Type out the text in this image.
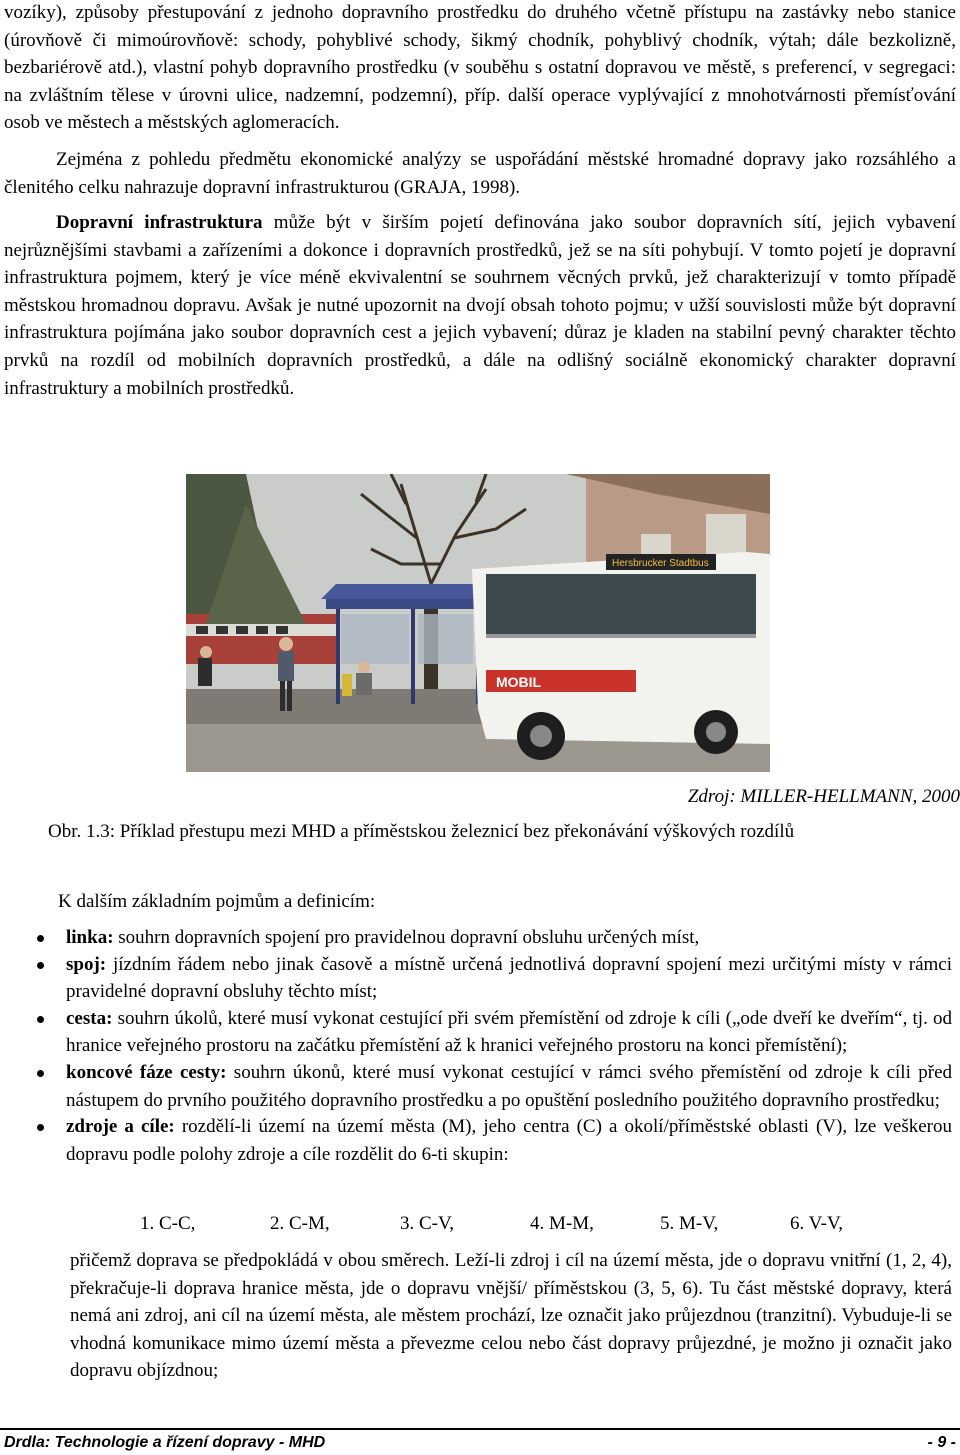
vozíky), způsoby přestupování z jednoho dopravního prostředku do druhého včetně přístupu na zastávky nebo stanice (úrovňově či mimoúrovňově: schody, pohyblivé schody, šikmý chodník, pohyblivý chodník, výtah; dále bezkolizně, bezbariérově atd.), vlastní pohyb dopravního prostředku (v souběhu s ostatní dopravou ve městě, s preferencí, v segregaci: na zvláštním tělese v úrovni ulice, nadzemní, podzemní), příp. další operace vyplývající z mnohotvárnosti přemísťování osob ve městech a městských aglomeracích.

Zejména z pohledu předmětu ekonomické analýzy se uspořádání městské hromadné dopravy jako rozsáhlého a členitého celku nahrazuje dopravní infrastrukturou (GRAJA, 1998).

Dopravní infrastruktura může být v širším pojetí definována jako soubor dopravních sítí, jejich vybavení nejrůznějšími stavbami a zařízeními a dokonce i dopravních prostředků, jež se na síti pohybují. V tomto pojetí je dopravní infrastruktura pojmem, který je více méně ekvivalentní se souhrnem věcných prvků, jež charakterizují v tomto případě městskou hromadnou dopravu. Avšak je nutné upozornit na dvojí obsah tohoto pojmu; v užší souvislosti může být dopravní infrastruktura pojímána jako soubor dopravních cest a jejich vybavení; důraz je kladen na stabilní pevný charakter těchto prvků na rozdíl od mobilních dopravních prostředků, a dále na odlišný sociálně ekonomický charakter dopravní infrastruktury a mobilních prostředků.

MOBIL
Hersbrucker Stadtbus
Zdroj: MILLER-HELLMANN, 2000
Obr. 1.3: Příklad přestupu mezi MHD a příměstskou železnicí bez překonávání výškových rozdílů
K dalším základním pojmům a definicím:
linka: souhrn dopravních spojení pro pravidelnou dopravní obsluhu určených míst,
spoj: jízdním řádem nebo jinak časově a místně určená jednotlivá dopravní spojení mezi určitými místy v rámci pravidelné dopravní obsluhy těchto míst;
cesta: souhrn úkolů, které musí vykonat cestující při svém přemístění od zdroje k cíli („ode dveří ke dveřím“, tj. od hranice veřejného prostoru na začátku přemístění až k hranici veřejného prostoru na konci přemístění);
koncové fáze cesty: souhrn úkonů, které musí vykonat cestující v rámci svého přemístění od zdroje k cíli před nástupem do prvního použitého dopravního prostředku a po opuštění posledního použitého dopravního prostředku;
zdroje a cíle: rozdělí-li území na území města (M), jeho centra (C) a okolí/příměstské oblasti (V), lze veškerou dopravu podle polohy zdroje a cíle rozdělit do 6-ti skupin:
1. C-C,	2. C-M,	3. C-V,	4. M-M,	5. M-V,	6. V-V,

přičemž doprava se předpokládá v obou směrech. Leží-li zdroj i cíl na území města, jde o dopravu vnitřní (1, 2, 4), překračuje-li doprava hranice města, jde o dopravu vnější/ příměstskou (3, 5, 6). Tu část městské dopravy, která nemá ani zdroj, ani cíl na území města, ale městem prochází, lze označit jako průjezdnou (tranzitní). Vybuduje-li se vhodná komunikace mimo území města a převezme celou nebo část dopravy průjezdné, je možno ji označit jako dopravu objízdnou;

Drdla: Technologie a řízení dopravy - MHD	- 9 -
